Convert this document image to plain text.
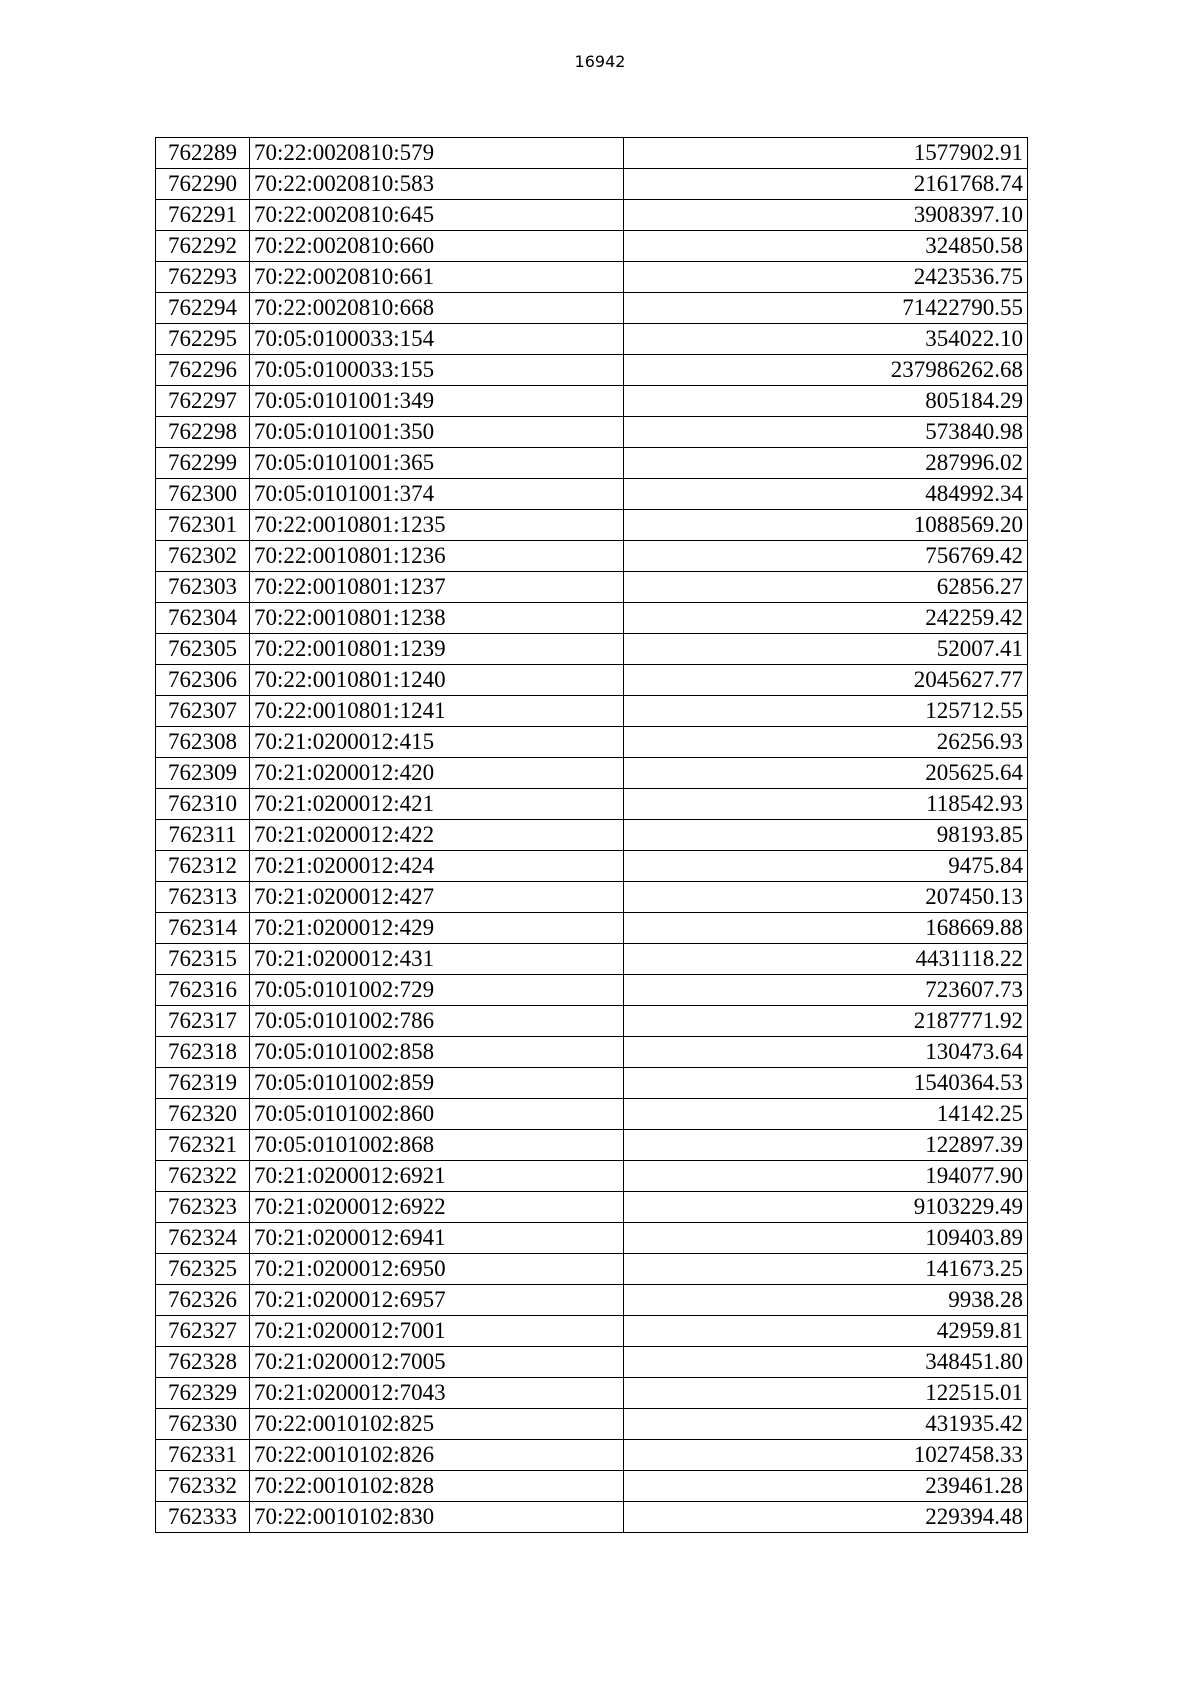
16942
762289	70:22:0020810:579	1577902.91
762290	70:22:0020810:583	2161768.74
762291	70:22:0020810:645	3908397.10
762292	70:22:0020810:660	324850.58
762293	70:22:0020810:661	2423536.75
762294	70:22:0020810:668	71422790.55
762295	70:05:0100033:154	354022.10
762296	70:05:0100033:155	237986262.68
762297	70:05:0101001:349	805184.29
762298	70:05:0101001:350	573840.98
762299	70:05:0101001:365	287996.02
762300	70:05:0101001:374	484992.34
762301	70:22:0010801:1235	1088569.20
762302	70:22:0010801:1236	756769.42
762303	70:22:0010801:1237	62856.27
762304	70:22:0010801:1238	242259.42
762305	70:22:0010801:1239	52007.41
762306	70:22:0010801:1240	2045627.77
762307	70:22:0010801:1241	125712.55
762308	70:21:0200012:415	26256.93
762309	70:21:0200012:420	205625.64
762310	70:21:0200012:421	118542.93
762311	70:21:0200012:422	98193.85
762312	70:21:0200012:424	9475.84
762313	70:21:0200012:427	207450.13
762314	70:21:0200012:429	168669.88
762315	70:21:0200012:431	4431118.22
762316	70:05:0101002:729	723607.73
762317	70:05:0101002:786	2187771.92
762318	70:05:0101002:858	130473.64
762319	70:05:0101002:859	1540364.53
762320	70:05:0101002:860	14142.25
762321	70:05:0101002:868	122897.39
762322	70:21:0200012:6921	194077.90
762323	70:21:0200012:6922	9103229.49
762324	70:21:0200012:6941	109403.89
762325	70:21:0200012:6950	141673.25
762326	70:21:0200012:6957	9938.28
762327	70:21:0200012:7001	42959.81
762328	70:21:0200012:7005	348451.80
762329	70:21:0200012:7043	122515.01
762330	70:22:0010102:825	431935.42
762331	70:22:0010102:826	1027458.33
762332	70:22:0010102:828	239461.28
762333	70:22:0010102:830	229394.48
